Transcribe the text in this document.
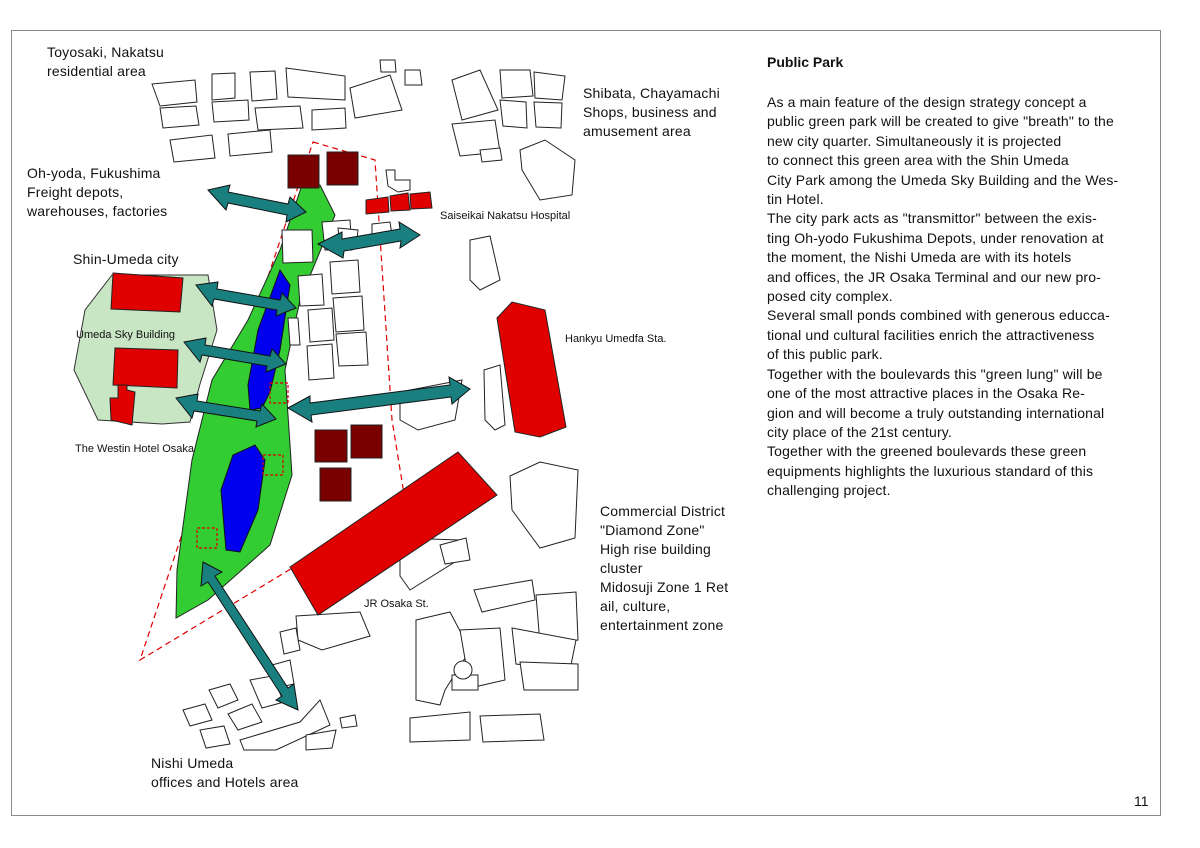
Toyosaki, Nakatsu
residential area
Shibata, Chayamachi
Shops, business and
amusement area
Oh-yoda, Fukushima
Freight depots,
warehouses, factories	Saiseikai Nakatsu Hospital
Shin-Umeda city
Umeda Sky Building	Hankyu Umedfa Sta.
The Westin Hotel Osaka
Commercial District
"Diamond Zone"
High rise building
cluster
Midosuji Zone 1 Ret
ail, culture,
entertainment zone
JR Osaka St.
Nishi Umeda
offices and Hotels area
Public Park
As a main feature of the design strategy concept a
public green park will be created to give "breath" to the
new city quarter. Simultaneously it is projected
to connect this green area with the Shin Umeda
City Park among the Umeda Sky Building and the Wes-
tin Hotel.
The city park acts as "transmittor" between the exis-
ting Oh-yodo Fukushima Depots, under renovation at
the moment, the Nishi Umeda are with its hotels
and offices, the JR Osaka Terminal and our new pro-
posed city complex.
Several small ponds combined with generous educca-
tional und cultural facilities enrich the attractiveness
of this public park.
Together with the boulevards this "green lung" will be
one of the most attractive places in the Osaka Re-
gion and will become a truly outstanding international
city place of the 21st century.
Together with the greened boulevards these green
equipments highlights the luxurious standard of this
challenging project.
11
